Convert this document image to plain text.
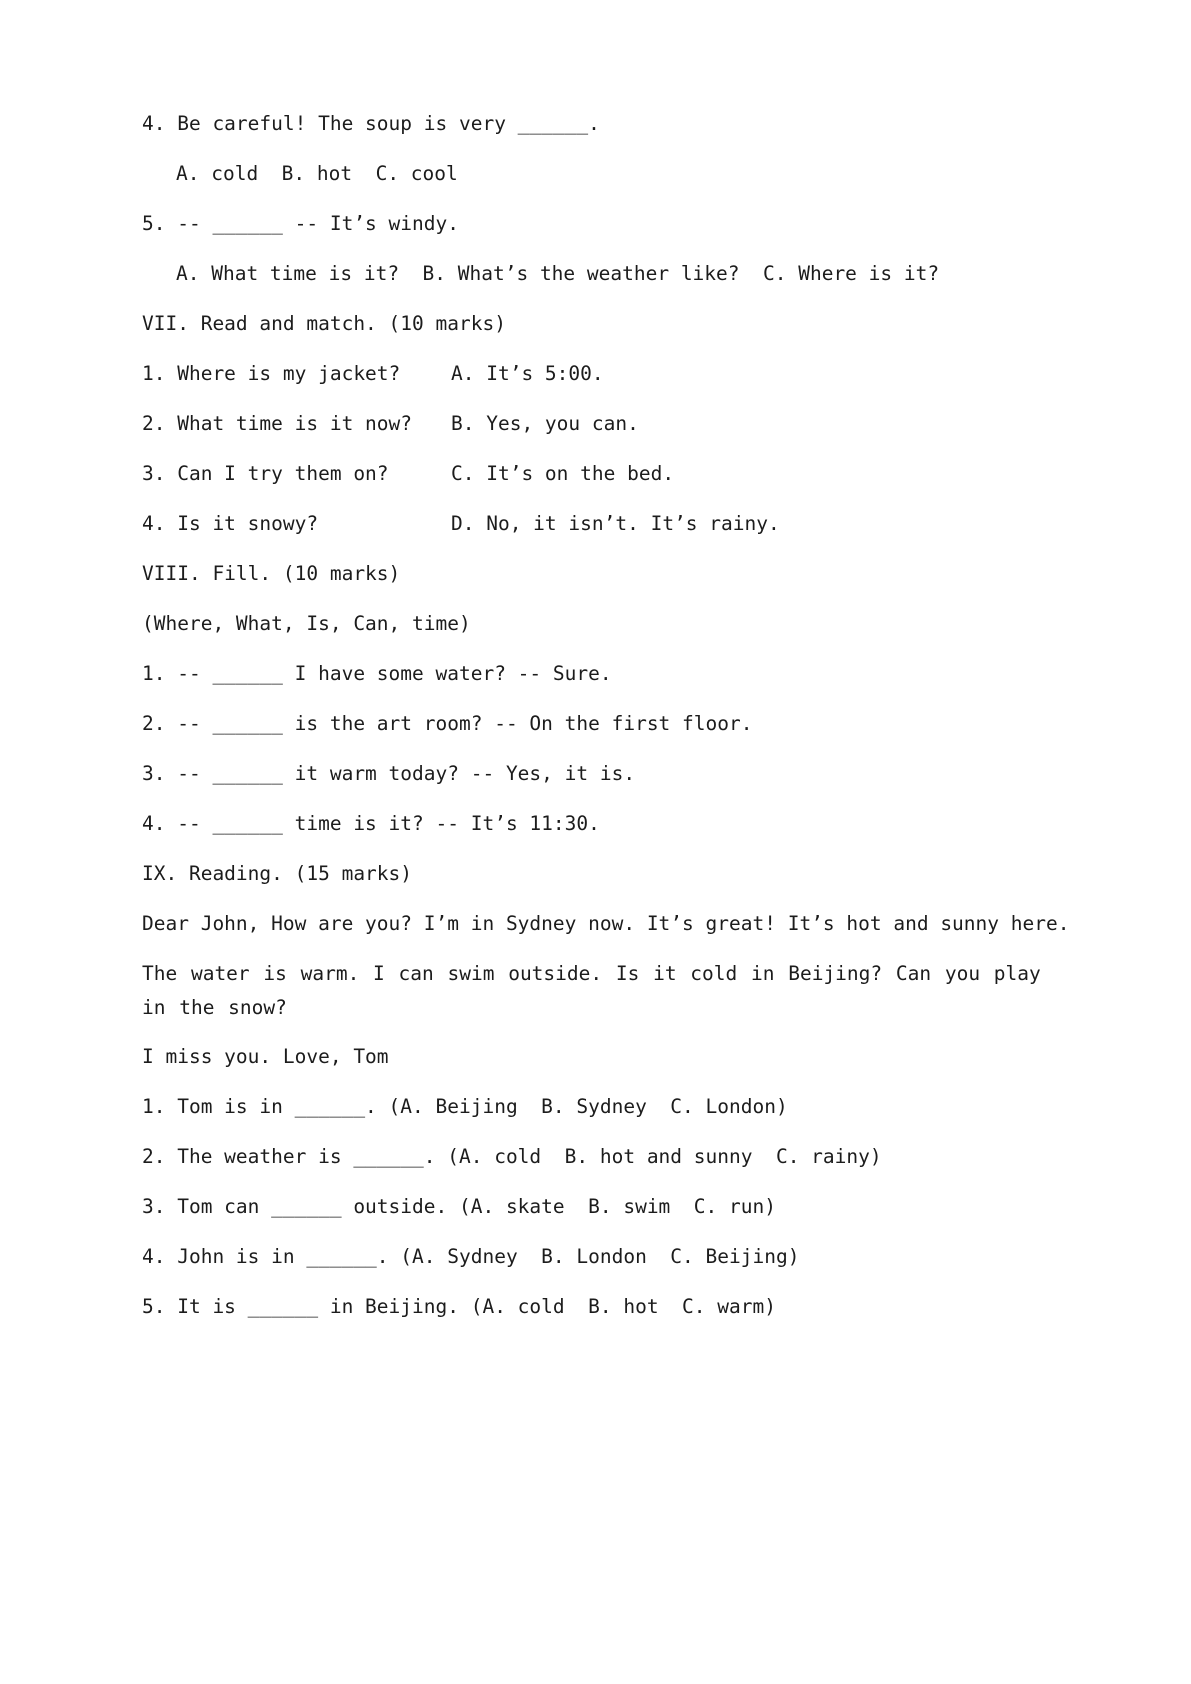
4. Be careful! The soup is very ______.
A. cold  B. hot  C. cool
5. -- ______ -- It’s windy.
A. What time is it?  B. What’s the weather like?  C. Where is it?
VII. Read and match. (10 marks)
1. Where is my jacket?	A. It’s 5:00.
2. What time is it now? B. Yes, you can.
3. Can I try them on?	C. It’s on the bed.
4. Is it snowy?	D. No, it isn’t. It’s rainy.
VIII. Fill. (10 marks)
(Where, What, Is, Can, time)
1. -- ______ I have some water? -- Sure.
2. -- ______ is the art room? -- On the first floor.
3. -- ______ it warm today? -- Yes, it is.
4. -- ______ time is it? -- It’s 11:30.
IX. Reading. (15 marks)
Dear John, How are you? I’m in Sydney now. It’s great! It’s hot and sunny here.
The water is warm. I can swim outside. Is it cold in Beijing? Can you play in the snow?
I miss you. Love, Tom
1. Tom is in ______. (A. Beijing  B. Sydney  C. London)
2. The weather is ______. (A. cold  B. hot and sunny  C. rainy)
3. Tom can ______ outside. (A. skate  B. swim  C. run)
4. John is in ______. (A. Sydney  B. London  C. Beijing)
5. It is ______ in Beijing. (A. cold  B. hot  C. warm)
